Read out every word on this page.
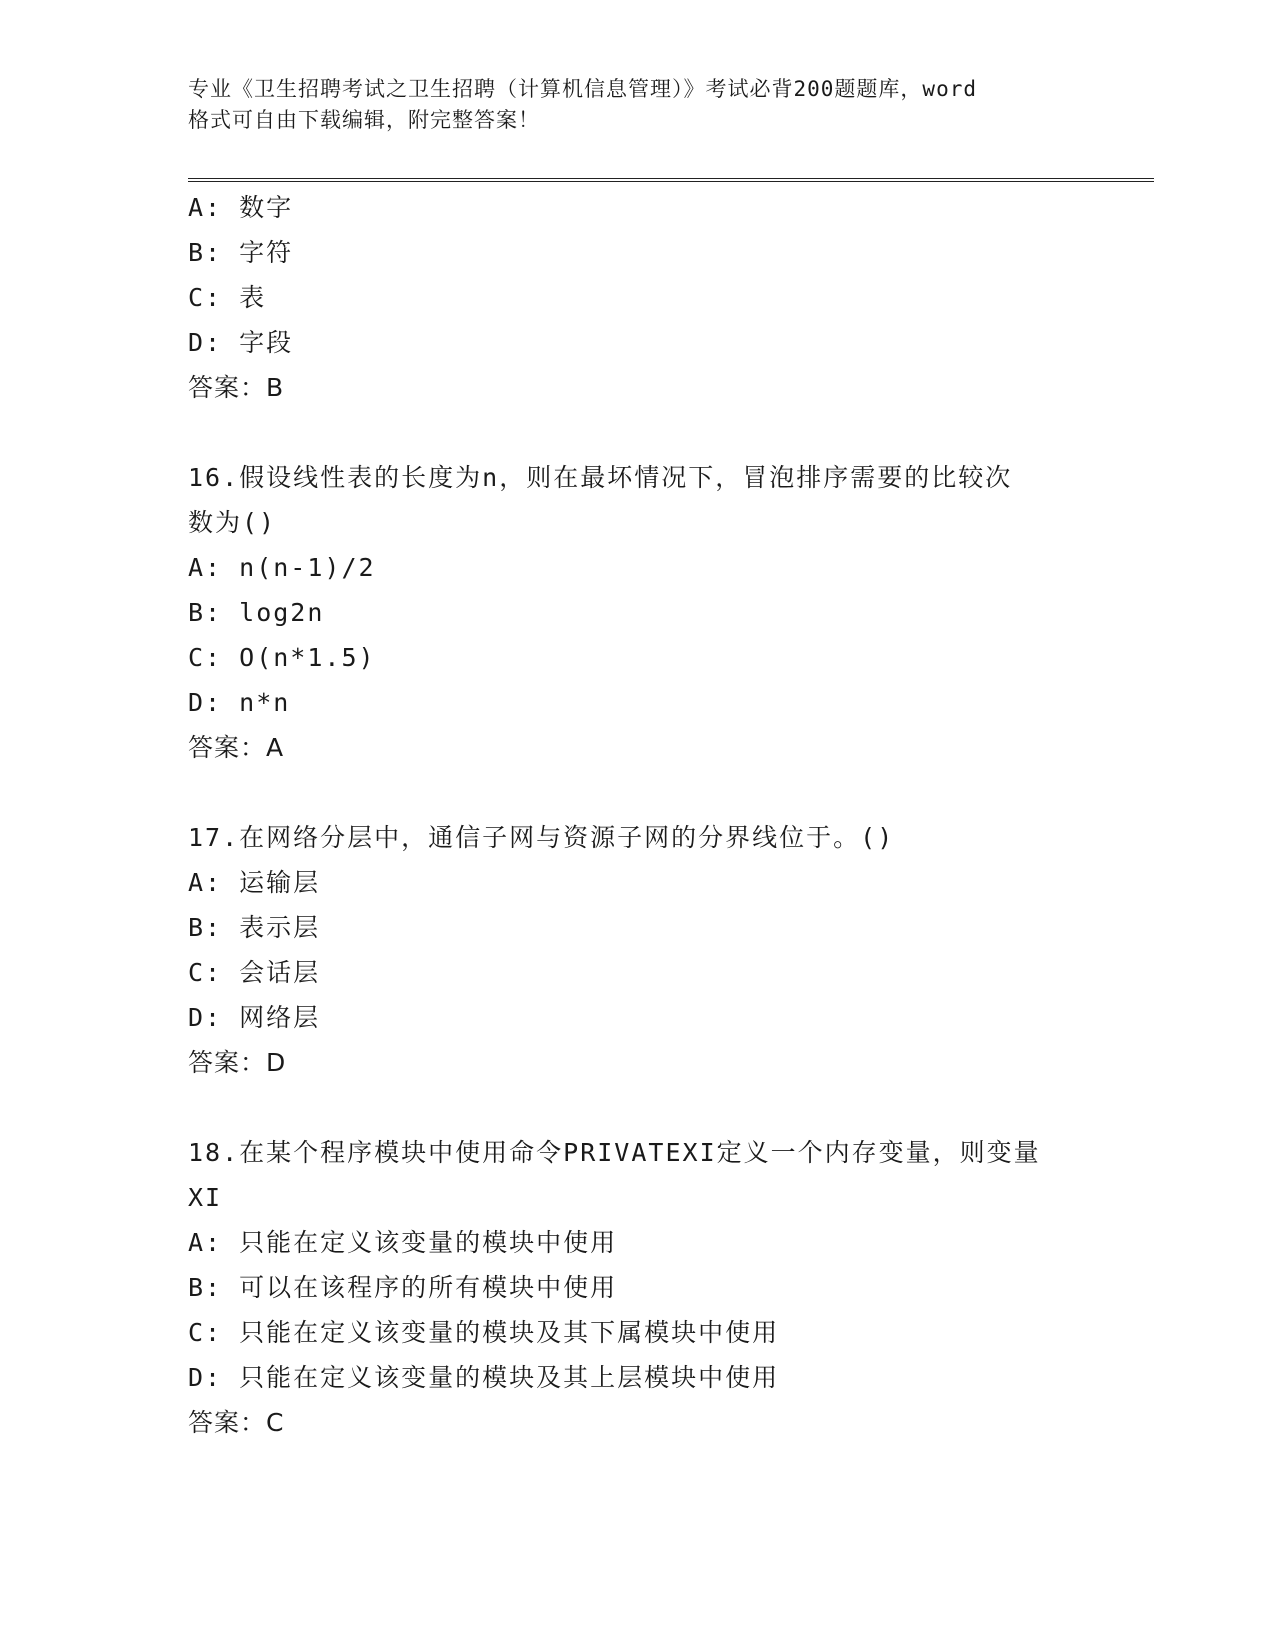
专业《卫生招聘考试之卫生招聘（计算机信息管理）》考试必背200题题库，word
格式可自由下载编辑，附完整答案！
A: 数字
B: 字符
C: 表
D: 字段
答案：B
16.假设线性表的长度为n，则在最坏情况下，冒泡排序需要的比较次
数为()
A: n(n-1)/2
B: log2n
C: O(n*1.5)
D: n*n
答案：A
17.在网络分层中，通信子网与资源子网的分界线位于。()
A: 运输层
B: 表示层
C: 会话层
D: 网络层
答案：D
18.在某个程序模块中使用命令PRIVATEXI定义一个内存变量，则变量
XI
A: 只能在定义该变量的模块中使用
B: 可以在该程序的所有模块中使用
C: 只能在定义该变量的模块及其下属模块中使用
D: 只能在定义该变量的模块及其上层模块中使用
答案：C
